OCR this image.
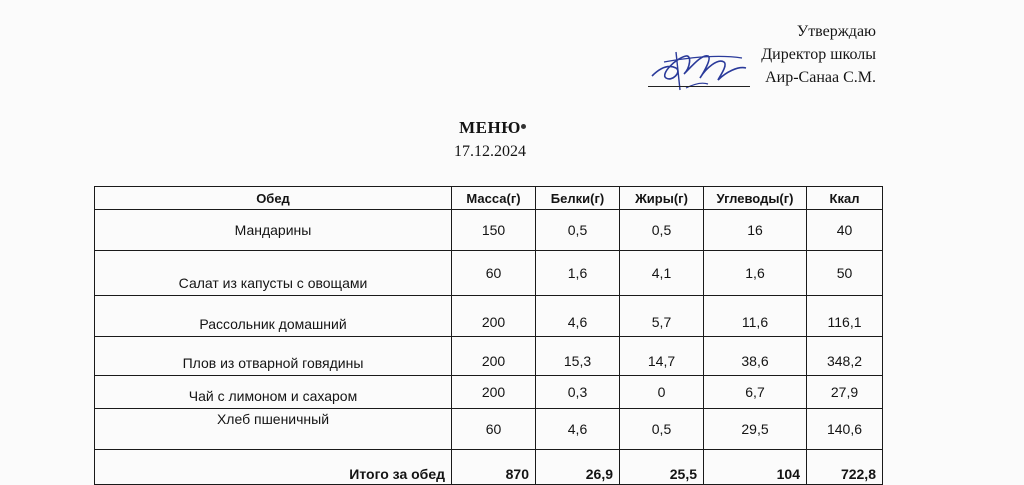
Утверждаю
Директор школы
Аир-Санаа С.М.
МЕНЮ
17.12.2024
Обед	Масса(г)	Белки(г)	Жиры(г)	Углеводы(г)	Ккал
Мандарины	150	0,5	0,5	16	40
Салат из капусты с овощами	60	1,6	4,1	1,6	50
Рассольник домашний	200	4,6	5,7	11,6	116,1
Плов из отварной говядины	200	15,3	14,7	38,6	348,2
Чай с лимоном и сахаром	200	0,3	0	6,7	27,9
Хлеб пшеничный	60	4,6	0,5	29,5	140,6
Итого за обед	870	26,9	25,5	104	722,8
